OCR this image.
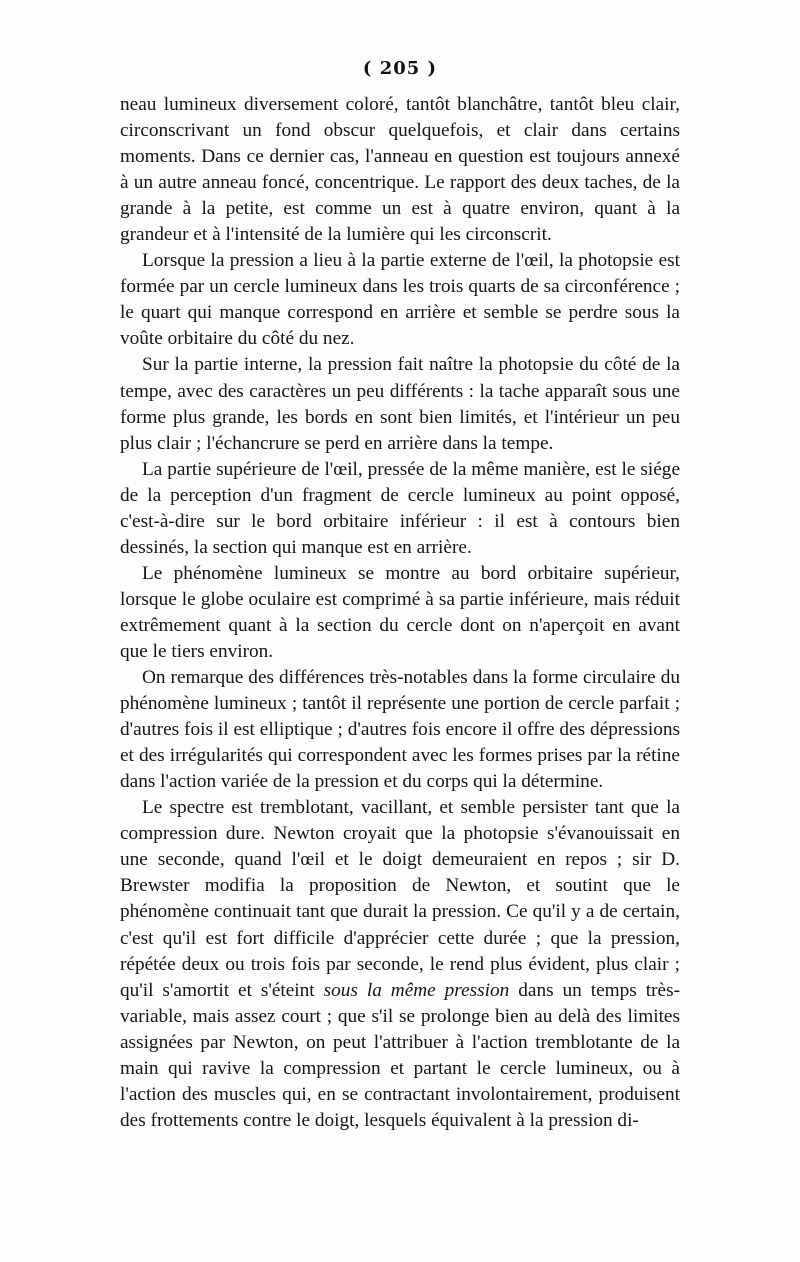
( 205 )

neau lumineux diversement coloré, tantôt blanchâtre, tantôt bleu clair, circonscrivant un fond obscur quelquefois, et clair dans certains moments. Dans ce dernier cas, l'anneau en question est toujours annexé à un autre anneau foncé, concentrique. Le rapport des deux taches, de la grande à la petite, est comme un est à quatre environ, quant à la grandeur et à l'intensité de la lumière qui les circonscrit.

Lorsque la pression a lieu à la partie externe de l'œil, la photopsie est formée par un cercle lumineux dans les trois quarts de sa circonférence ; le quart qui manque correspond en arrière et semble se perdre sous la voûte orbitaire du côté du nez.

Sur la partie interne, la pression fait naître la photopsie du côté de la tempe, avec des caractères un peu différents : la tache apparaît sous une forme plus grande, les bords en sont bien limités, et l'intérieur un peu plus clair ; l'échancrure se perd en arrière dans la tempe.

La partie supérieure de l'œil, pressée de la même manière, est le siége de la perception d'un fragment de cercle lumineux au point opposé, c'est-à-dire sur le bord orbitaire inférieur : il est à contours bien dessinés, la section qui manque est en arrière.

Le phénomène lumineux se montre au bord orbitaire supérieur, lorsque le globe oculaire est comprimé à sa partie inférieure, mais réduit extrêmement quant à la section du cercle dont on n'aperçoit en avant que le tiers environ.

On remarque des différences très-notables dans la forme circulaire du phénomène lumineux ; tantôt il représente une portion de cercle parfait ; d'autres fois il est elliptique ; d'autres fois encore il offre des dépressions et des irrégularités qui correspondent avec les formes prises par la rétine dans l'action variée de la pression et du corps qui la détermine.

Le spectre est tremblotant, vacillant, et semble persister tant que la compression dure. Newton croyait que la photopsie s'évanouissait en une seconde, quand l'œil et le doigt demeuraient en repos ; sir D. Brewster modifia la proposition de Newton, et soutint que le phénomène continuait tant que durait la pression. Ce qu'il y a de certain, c'est qu'il est fort difficile d'apprécier cette durée ; que la pression, répétée deux ou trois fois par seconde, le rend plus évident, plus clair ; qu'il s'amortit et s'éteint sous la même pression dans un temps très-variable, mais assez court ; que s'il se prolonge bien au delà des limites assignées par Newton, on peut l'attribuer à l'action tremblotante de la main qui ravive la compression et partant le cercle lumineux, ou à l'action des muscles qui, en se contractant involontairement, produisent des frottements contre le doigt, lesquels équivalent à la pression di-
